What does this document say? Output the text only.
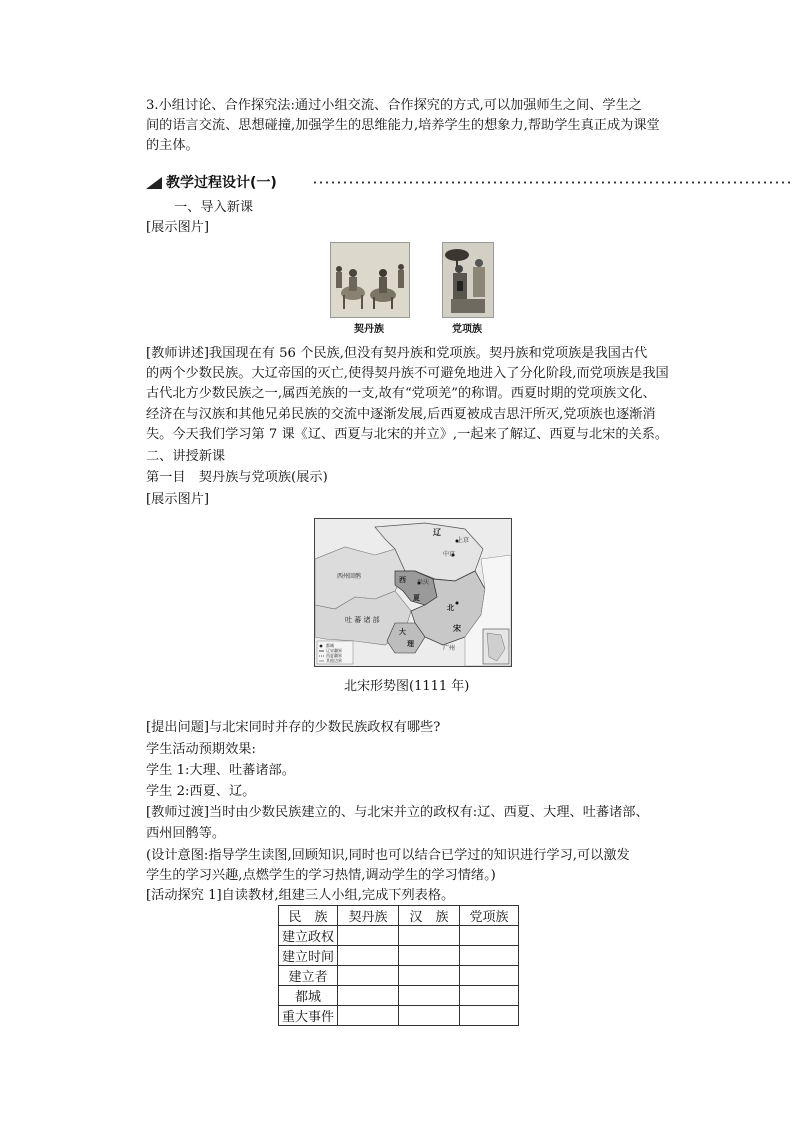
3.小组讨论、合作探究法:通过小组交流、合作探究的方式,可以加强师生之间、学生之
间的语言交流、思想碰撞,加强学生的思维能力,培养学生的想象力,帮助学生真正成为课堂
的主体。
教学过程设计(一)
一、导入新课
[展示图片]
契丹族	党项族
[教师讲述]我国现在有 56 个民族,但没有契丹族和党项族。契丹族和党项族是我国古代
的两个少数民族。大辽帝国的灭亡,使得契丹族不可避免地进入了分化阶段,而党项族是我国
古代北方少数民族之一,属西羌族的一支,故有“党项羌”的称谓。西夏时期的党项族文化、
经济在与汉族和其他兄弟民族的交流中逐渐发展,后西夏被成吉思汗所灭,党项族也逐渐消
失。今天我们学习第 7 课《辽、西夏与北宋的并立》,一起来了解辽、西夏与北宋的关系。
二、讲授新课
第一目　契丹族与党项族(展示)
[展示图片]
辽
上京
中京
西州回鹘	西
夏
兴庆
吐 蕃 诸 部
北
宋
大
理
广州
都城
辽宋疆界
西夏疆界
其他边界
北宋形势图(1111 年)
[提出问题]与北宋同时并存的少数民族政权有哪些?
学生活动预期效果:
学生 1:大理、吐蕃诸部。
学生 2:西夏、辽。
[教师过渡]当时由少数民族建立的、与北宋并立的政权有:辽、西夏、大理、吐蕃诸部、
西州回鹘等。
(设计意图:指导学生读图,回顾知识,同时也可以结合已学过的知识进行学习,可以激发
学生的学习兴趣,点燃学生的学习热情,调动学生的学习情绪。)
[活动探究 1]自读教材,组建三人小组,完成下列表格。
民　族	契丹族	汉　族	党项族
建立政权			
建立时间			
建立者			
都城			
重大事件			
